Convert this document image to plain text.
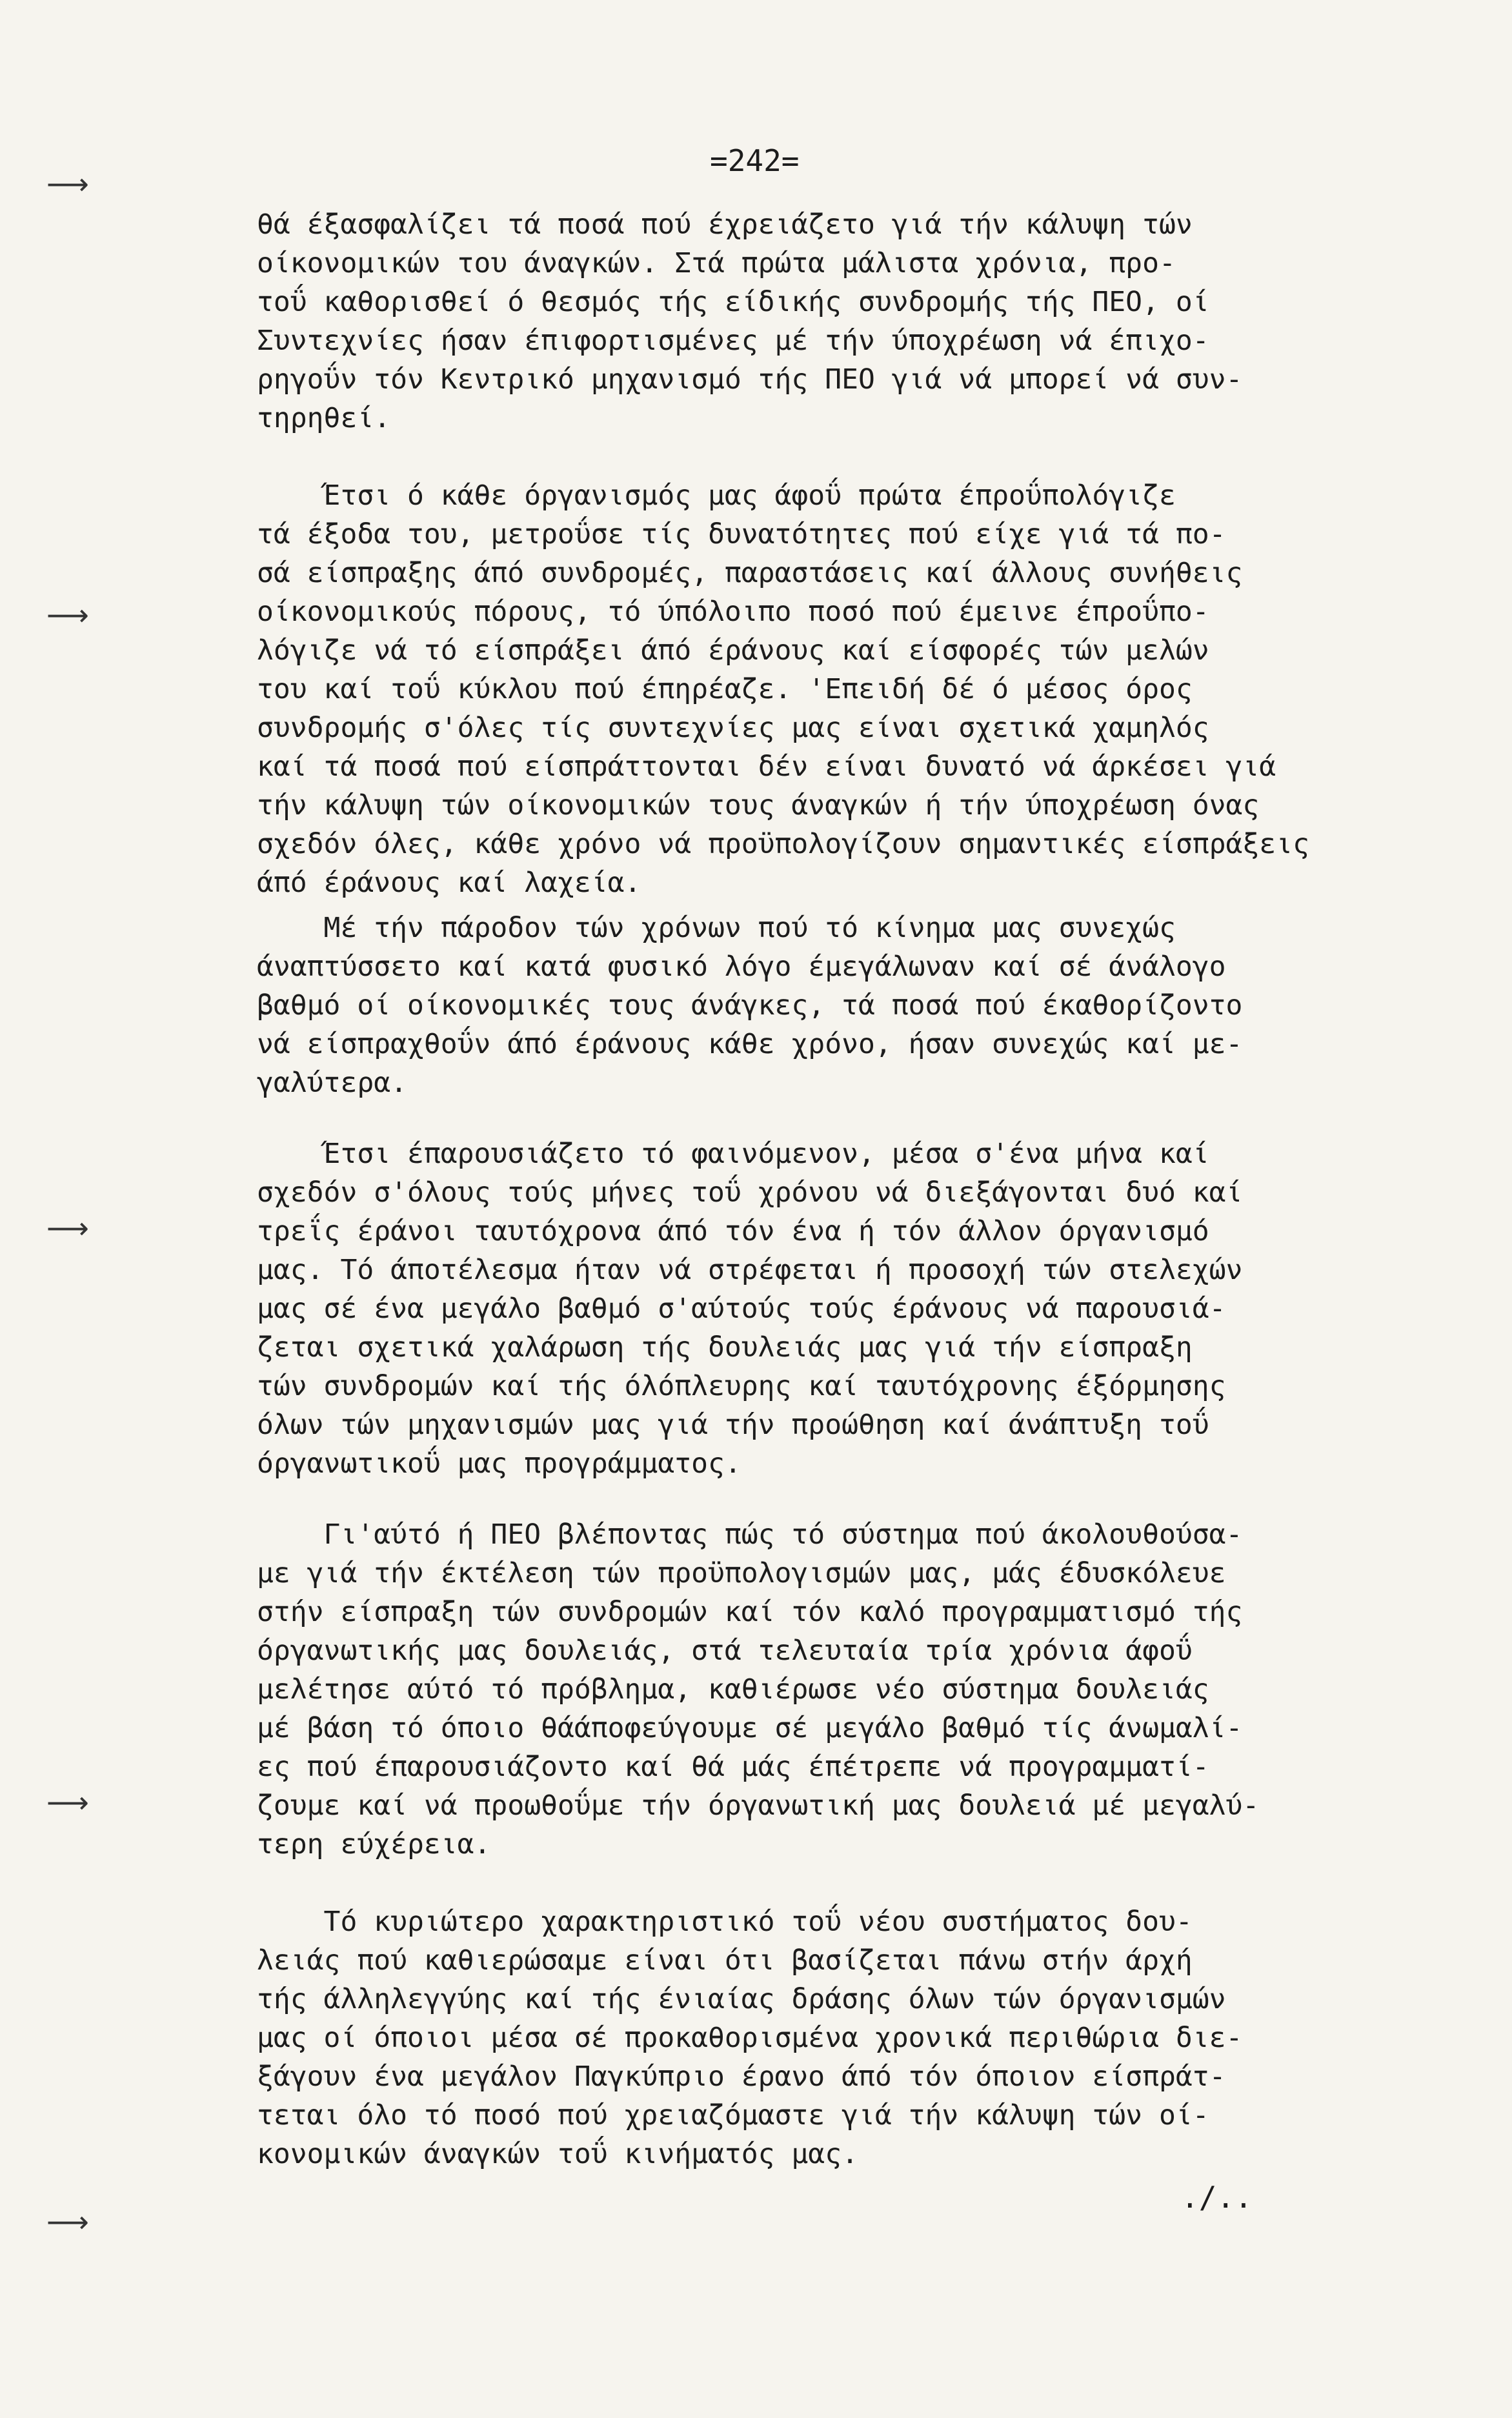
=242=
θά έξασφαλίζει τά ποσά πού έχρειάζετο γιά τήν κάλυψη τών
οίκονομικών του άναγκών. Στά πρώτα μάλιστα χρόνια, προ-
τοΰ καθορισθεί ό θεσμός τής είδικής συνδρομής τής ΠΕΟ, οί
Συντεχνίες ήσαν έπιφορτισμένες μέ τήν ύποχρέωση νά έπιχο-
ρηγοΰν τόν Κεντρικό μηχανισμό τής ΠΕΟ γιά νά μπορεί νά συν-
τηρηθεί.
Έτσι ό κάθε όργανισμός μας άφοΰ πρώτα έπροΰπολόγιζε
τά έξοδα του, μετροΰσε τίς δυνατότητες πού είχε γιά τά πο-
σά είσπραξης άπό συνδρομές, παραστάσεις καί άλλους συνήθεις
οίκονομικούς πόρους, τό ύπόλοιπο ποσό πού έμεινε έπροΰπο-
λόγιζε νά τό είσπράξει άπό έράνους καί είσφορές τών μελών
του καί τοΰ κύκλου πού έπηρέαζε. 'Επειδή δέ ό μέσος όρος
συνδρομής σ'όλες τίς συντεχνίες μας είναι σχετικά χαμηλός
καί τά ποσά πού είσπράττονται δέν είναι δυνατό νά άρκέσει γιά
τήν κάλυψη τών οίκονομικών τους άναγκών ή τήν ύποχρέωση όνας
σχεδόν όλες, κάθε χρόνο νά προϋπολογίζουν σημαντικές είσπράξεις
άπό έράνους καί λαχεία.
Μέ τήν πάροδον τών χρόνων πού τό κίνημα μας συνεχώς
άναπτύσσετο καί κατά φυσικό λόγο έμεγάλωναν καί σέ άνάλογο
βαθμό οί οίκονομικές τους άνάγκες, τά ποσά πού έκαθορίζοντο
νά είσπραχθοΰν άπό έράνους κάθε χρόνο, ήσαν συνεχώς καί με-
γαλύτερα.
Έτσι έπαρουσιάζετο τό φαινόμενον, μέσα σ'ένα μήνα καί
σχεδόν σ'όλους τούς μήνες τοΰ χρόνου νά διεξάγονται δυό καί
τρεΐς έράνοι ταυτόχρονα άπό τόν ένα ή τόν άλλον όργανισμό
μας. Τό άποτέλεσμα ήταν νά στρέφεται ή προσοχή τών στελεχών
μας σέ ένα μεγάλο βαθμό σ'αύτούς τούς έράνους νά παρουσιά-
ζεται σχετικά χαλάρωση τής δουλειάς μας γιά τήν είσπραξη
τών συνδρομών καί τής όλόπλευρης καί ταυτόχρονης έξόρμησης
όλων τών μηχανισμών μας γιά τήν προώθηση καί άνάπτυξη τοΰ
όργανωτικοΰ μας προγράμματος.
Γι'αύτό ή ΠΕΟ βλέποντας πώς τό σύστημα πού άκολουθούσα-
με γιά τήν έκτέλεση τών προϋπολογισμών μας, μάς έδυσκόλευε
στήν είσπραξη τών συνδρομών καί τόν καλό προγραμματισμό τής
όργανωτικής μας δουλειάς, στά τελευταία τρία χρόνια άφοΰ
μελέτησε αύτό τό πρόβλημα, καθιέρωσε νέο σύστημα δουλειάς
μέ βάση τό όποιο θάάποφεύγουμε σέ μεγάλο βαθμό τίς άνωμαλί-
ες πού έπαρουσιάζοντο καί θά μάς έπέτρεπε νά προγραμματί-
ζουμε καί νά προωθοΰμε τήν όργανωτική μας δουλειά μέ μεγαλύ-
τερη εύχέρεια.
Τό κυριώτερο χαρακτηριστικό τοΰ νέου συστήματος δου-
λειάς πού καθιερώσαμε είναι ότι βασίζεται πάνω στήν άρχή
τής άλληλεγγύης καί τής ένιαίας δράσης όλων τών όργανισμών
μας οί όποιοι μέσα σέ προκαθορισμένα χρονικά περιθώρια διε-
ξάγουν ένα μεγάλον Παγκύπριο έρανο άπό τόν όποιον είσπράτ-
τεται όλο τό ποσό πού χρειαζόμαστε γιά τήν κάλυψη τών οί-
κονομικών άναγκών τοΰ κινήματός μας.
./..
⟶
⟶
⟶
⟶
⟶
